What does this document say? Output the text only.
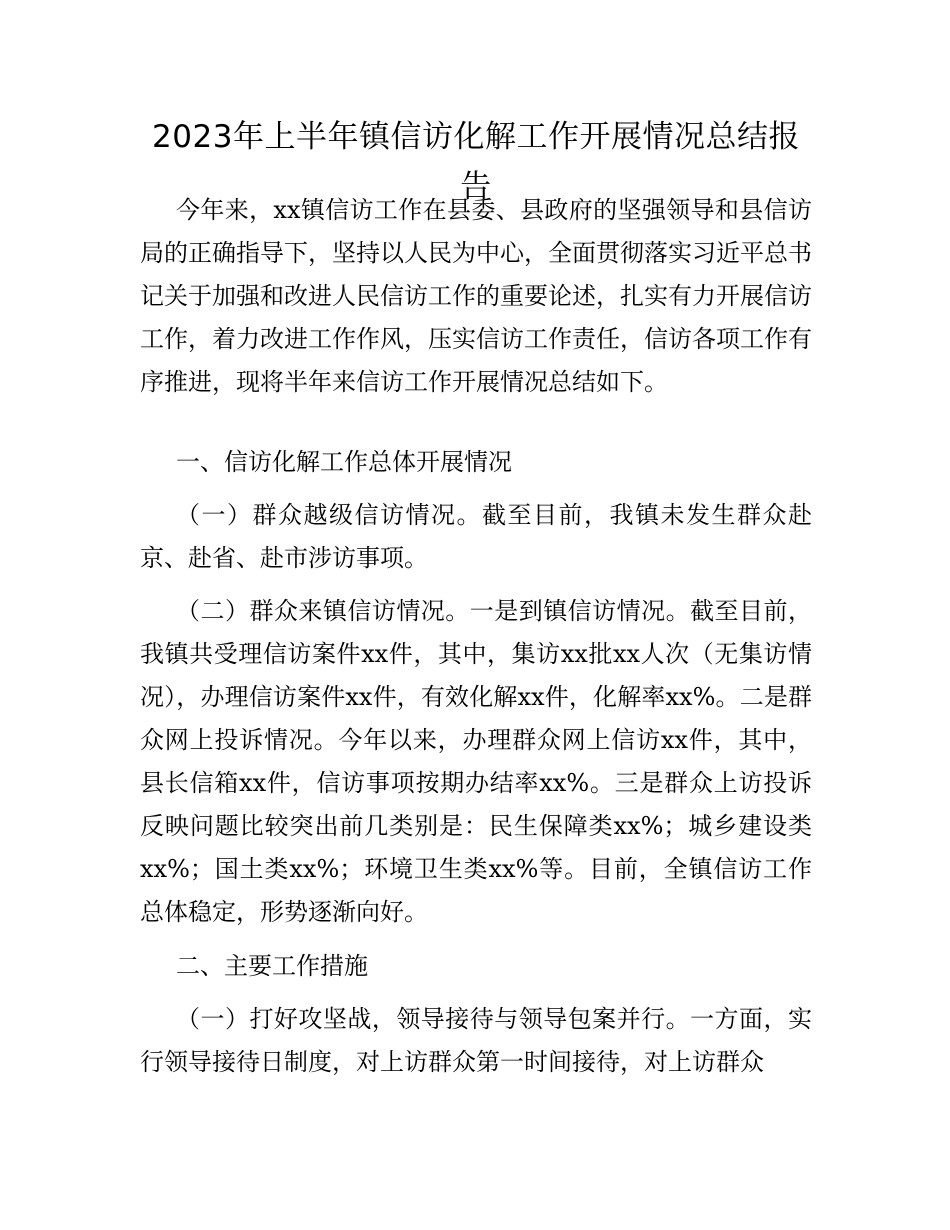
2023年上半年镇信访化解工作开展情况总结报告

今年来，xx镇信访工作在县委、县政府的坚强领导和县信访局的正确指导下，坚持以人民为中心，全面贯彻落实习近平总书记关于加强和改进人民信访工作的重要论述，扎实有力开展信访工作，着力改进工作作风，压实信访工作责任，信访各项工作有序推进，现将半年来信访工作开展情况总结如下。

一、信访化解工作总体开展情况

（一）群众越级信访情况。截至目前，我镇未发生群众赴京、赴省、赴市涉访事项。

（二）群众来镇信访情况。一是到镇信访情况。截至目前，我镇共受理信访案件xx件，其中，集访xx批xx人次（无集访情况），办理信访案件xx件，有效化解xx件，化解率xx%。二是群众网上投诉情况。今年以来，办理群众网上信访xx件，其中，县长信箱xx件，信访事项按期办结率xx%。三是群众上访投诉反映问题比较突出前几类别是：民生保障类xx%；城乡建设类xx%；国土类xx%；环境卫生类xx%等。目前，全镇信访工作总体稳定，形势逐渐向好。

二、主要工作措施

（一）打好攻坚战，领导接待与领导包案并行。一方面，实行领导接待日制度，对上访群众第一时间接待，对上访群众
